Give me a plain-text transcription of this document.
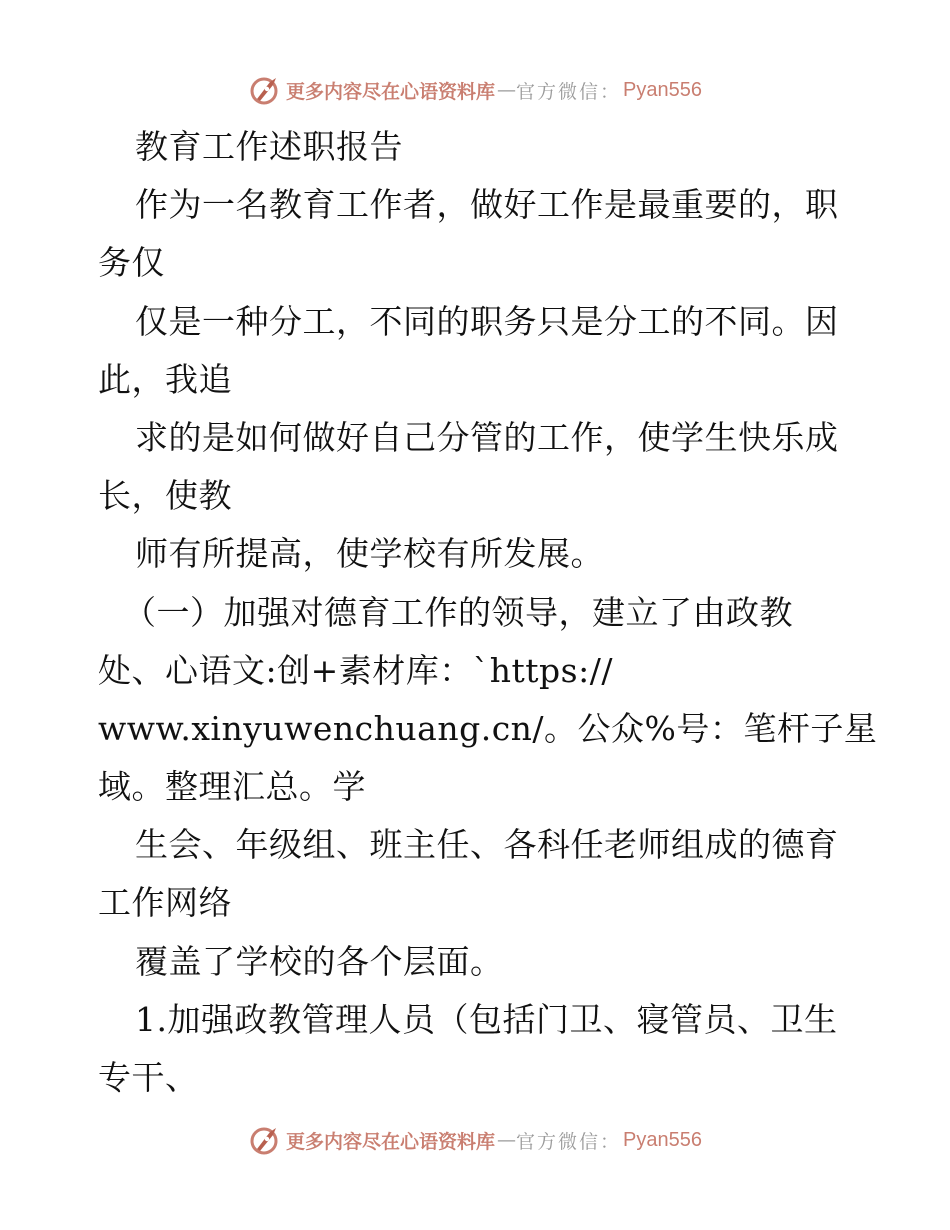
更多内容尽在心语资料库 — 官方微信： Pyan556
教育工作述职报告
作为一名教育工作者，做好工作是最重要的，职
务仅
仅是一种分工，不同的职务只是分工的不同。因
此，我追
求的是如何做好自己分管的工作，使学生快乐成
长，使教
师有所提高，使学校有所发展。
（一）加强对德育工作的领导，建立了由政教
处、心语文:创+素材库：`https://
www.xinyuwenchuang.cn/。公众%号：笔杆子星
域。整理汇总。学
生会、年级组、班主任、各科任老师组成的德育
工作网络
覆盖了学校的各个层面。
1.加强政教管理人员（包括门卫、寝管员、卫生
专干、
更多内容尽在心语资料库 — 官方微信： Pyan556
